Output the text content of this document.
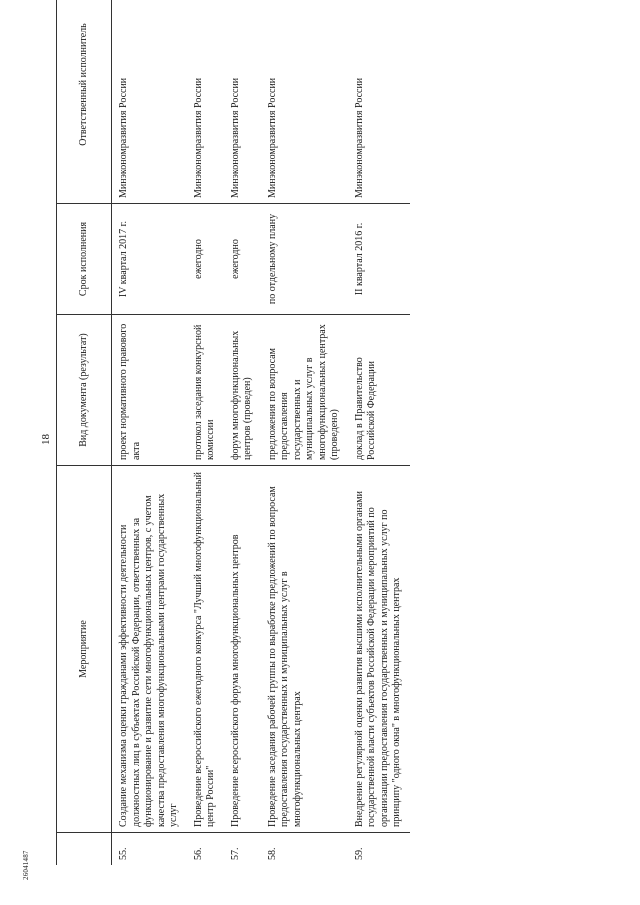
18
	Мероприятие	Вид документа (результат)	Срок исполнения	Ответственный исполнитель
55.	Создание механизма оценки гражданами эффективности деятельности должностных лиц в субъектах Российской Федерации, ответственных за функционирование и развитие сети многофункциональных центров, с учетом качества предоставления многофункциональными центрами государственных услуг	проект нормативного правового акта	IV квартал 2017 г.	Минэкономразвития России
56.	Проведение всероссийского ежегодного конкурса "Лучший многофункциональный центр России"	протокол заседания конкурсной комиссии	ежегодно	Минэкономразвития России
57.	Проведение всероссийского форума многофункциональных центров	форум многофункциональных центров (проведен)	ежегодно	Минэкономразвития России
58.	Проведение заседания рабочей группы по выработке предложений по вопросам предоставления государственных и муниципальных услуг в многофункциональных центрах	предложения по вопросам предоставления государственных и муниципальных услуг в многофункциональных центрах (проведено)	по отдельному плану	Минэкономразвития России
59.	Внедрение регулярной оценки развития высшими исполнительными органами государственной власти субъектов Российской Федерации мероприятий по организации предоставления государственных и муниципальных услуг по принципу "одного окна" в многофункциональных центрах	доклад в Правительство Российской Федерации	II квартал 2016 г.	Минэкономразвития России
26041487
